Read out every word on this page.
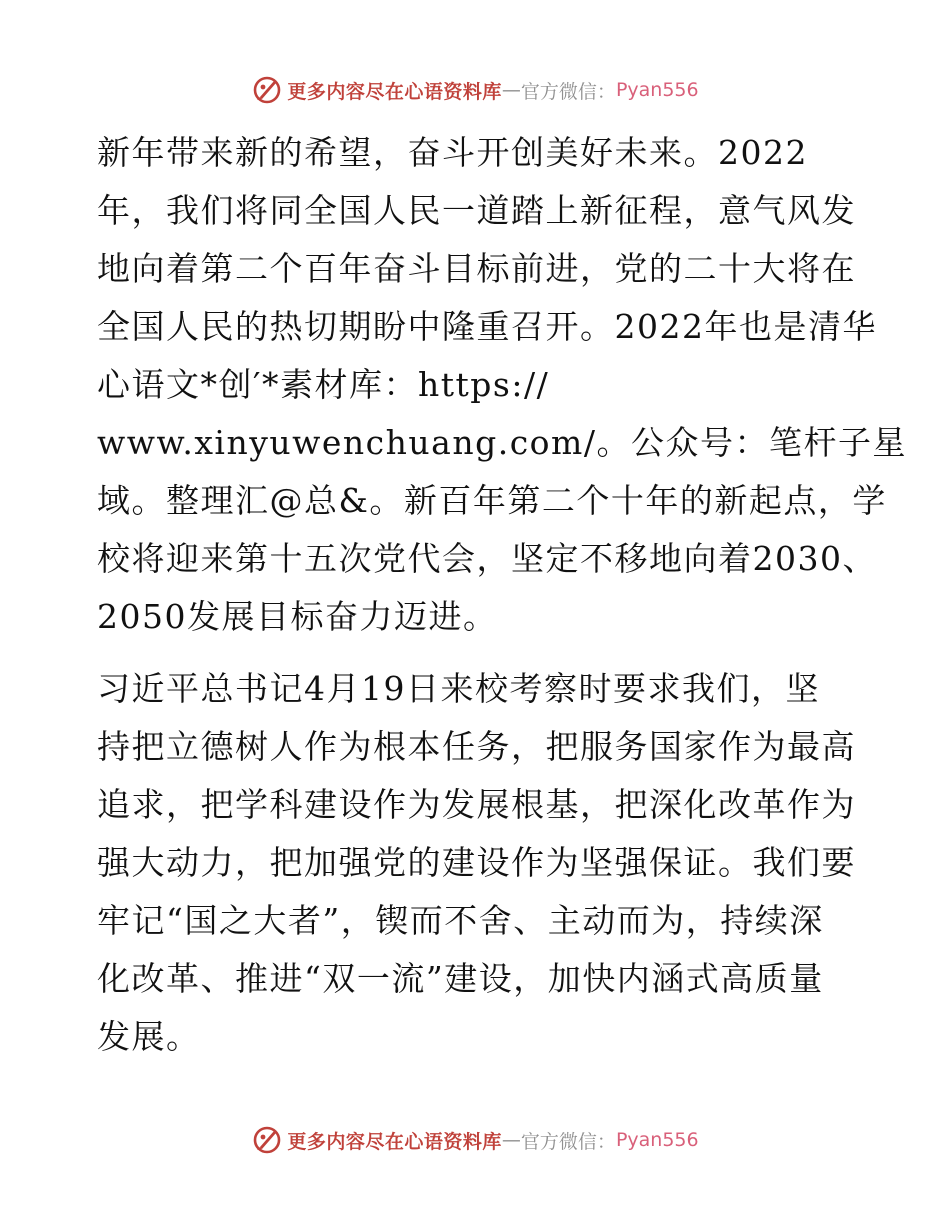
更多内容尽在心语资料库 — 官方微信： Pyan556

新年带来新的希望，奋斗开创美好未来。2022
年，我们将同全国人民一道踏上新征程，意气风发
地向着第二个百年奋斗目标前进，党的二十大将在
全国人民的热切期盼中隆重召开。2022年也是清华
心语文*创′*素材库：https://
www.xinyuwenchuang.com/。公众号：笔杆子星
域。整理汇@总&。新百年第二个十年的新起点，学
校将迎来第十五次党代会，坚定不移地向着2030、
2050发展目标奋力迈进。

习近平总书记4月19日来校考察时要求我们，坚
持把立德树人作为根本任务，把服务国家作为最高
追求，把学科建设作为发展根基，把深化改革作为
强大动力，把加强党的建设作为坚强保证。我们要
牢记“国之大者”，锲而不舍、主动而为，持续深
化改革、推进“双一流”建设，加快内涵式高质量
发展。

更多内容尽在心语资料库 — 官方微信： Pyan556
